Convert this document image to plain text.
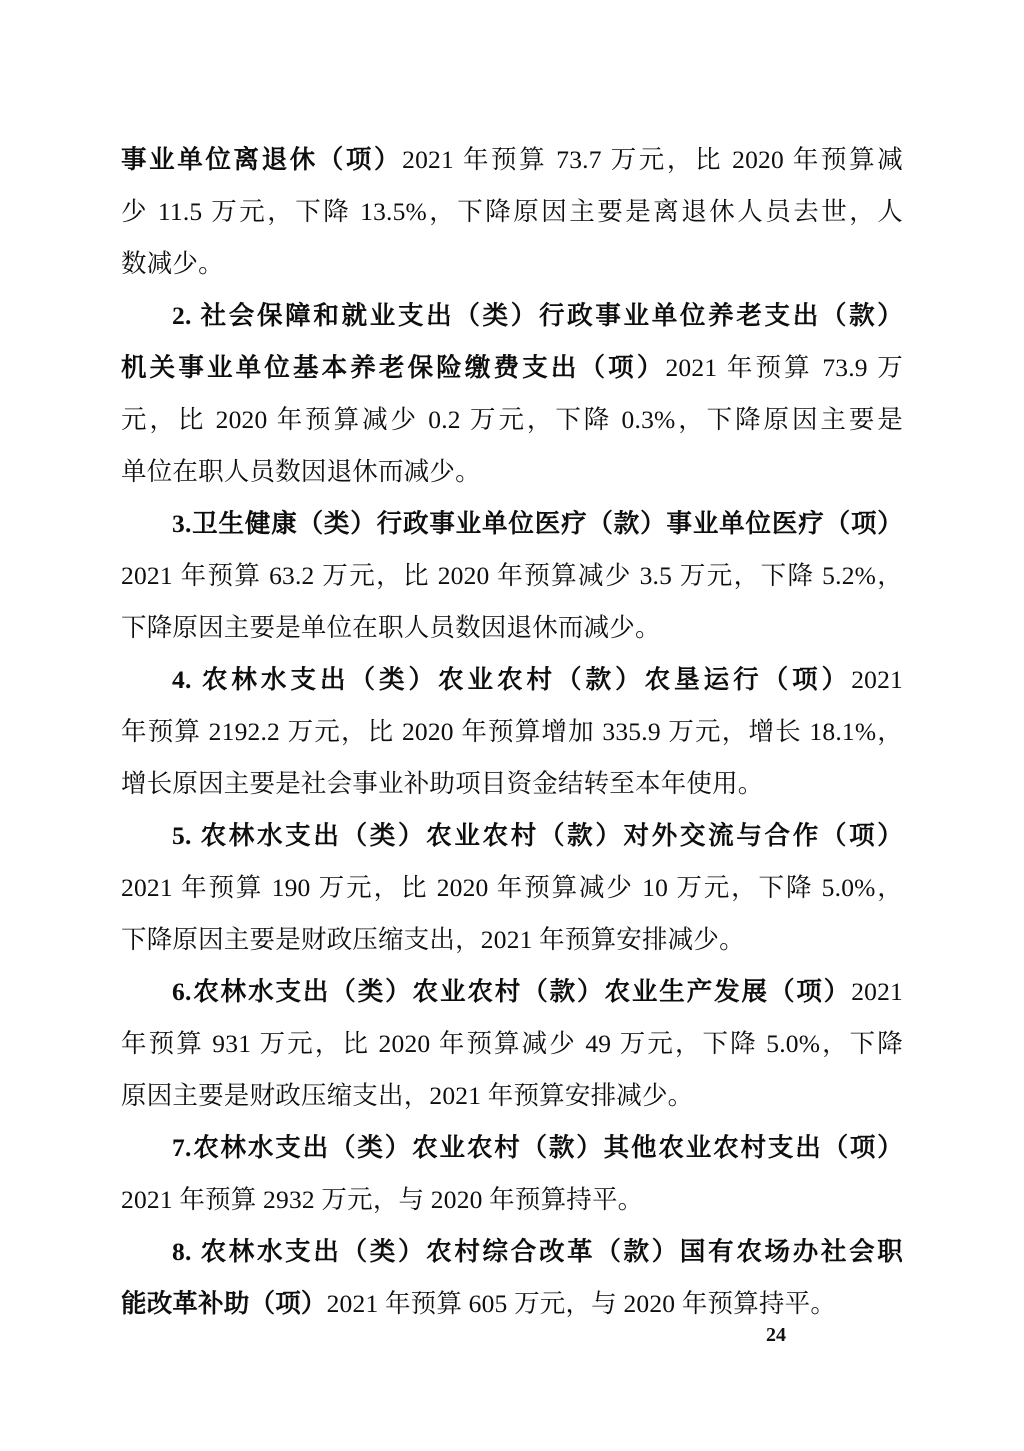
事业单位离退休（项）2021 年预算 73.7 万元，比 2020 年预算减
少 11.5 万元，下降 13.5%，下降原因主要是离退休人员去世，人
数减少。
2. 社会保障和就业支出（类）行政事业单位养老支出（款）
机关事业单位基本养老保险缴费支出（项）2021 年预算 73.9 万
元，比 2020 年预算减少 0.2 万元，下降 0.3%，下降原因主要是
单位在职人员数因退休而减少。
3.卫生健康（类）行政事业单位医疗（款）事业单位医疗（项）
2021 年预算 63.2 万元，比 2020 年预算减少 3.5 万元，下降 5.2%，
下降原因主要是单位在职人员数因退休而减少。
4. 农林水支出（类）农业农村（款）农垦运行（项）2021
年预算 2192.2 万元，比 2020 年预算增加 335.9 万元，增长 18.1%，
增长原因主要是社会事业补助项目资金结转至本年使用。
5. 农林水支出（类）农业农村（款）对外交流与合作（项）
2021 年预算 190 万元，比 2020 年预算减少 10 万元，下降 5.0%，
下降原因主要是财政压缩支出，2021 年预算安排减少。
6.农林水支出（类）农业农村（款）农业生产发展（项）2021
年预算 931 万元，比 2020 年预算减少 49 万元，下降 5.0%，下降
原因主要是财政压缩支出，2021 年预算安排减少。
7.农林水支出（类）农业农村（款）其他农业农村支出（项）
2021 年预算 2932 万元，与 2020 年预算持平。
8. 农林水支出（类）农村综合改革（款）国有农场办社会职
能改革补助（项）2021 年预算 605 万元，与 2020 年预算持平。
24
